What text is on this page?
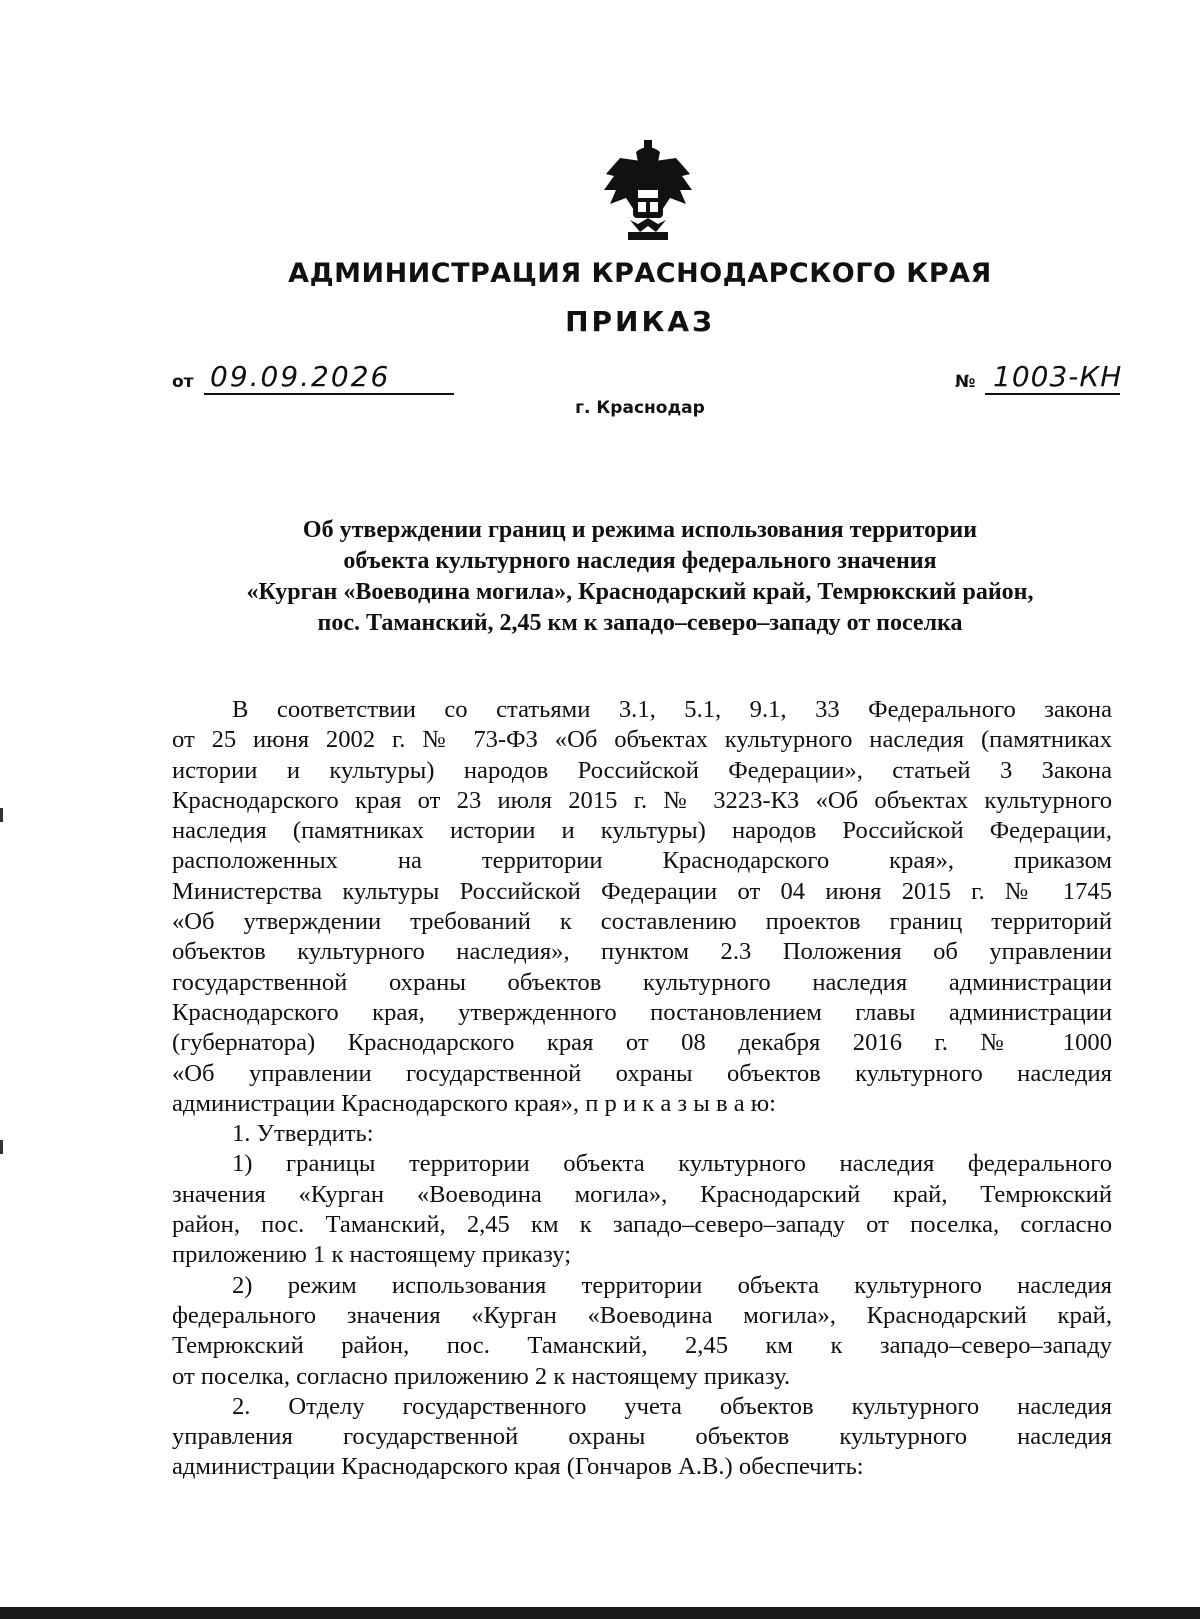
АДМИНИСТРАЦИЯ КРАСНОДАРСКОГО КРАЯ
ПРИКАЗ
от 09.09.2026	№ 1003-КН
г. Краснодар
Об утверждении границ и режима использования территории
объекта культурного наследия федерального значения
«Курган «Воеводина могила», Краснодарский край, Темрюкский район,
пос. Таманский, 2,45 км к западо–северо–западу от поселка

В соответствии со статьями 3.1, 5.1, 9.1, 33 Федерального закона

от 25 июня 2002 г. № 73-ФЗ «Об объектах культурного наследия (памятниках

истории и культуры) народов Российской Федерации», статьей 3 Закона

Краснодарского края от 23 июля 2015 г. № 3223-КЗ «Об объектах культурного

наследия (памятниках истории и культуры) народов Российской Федерации,

расположенных на территории Краснодарского края», приказом

Министерства культуры Российской Федерации от 04 июня 2015 г. № 1745

«Об утверждении требований к составлению проектов границ территорий

объектов культурного наследия», пунктом 2.3 Положения об управлении

государственной охраны объектов культурного наследия администрации

Краснодарского края, утвержденного постановлением главы администрации

(губернатора) Краснодарского края от 08 декабря 2016 г. № 1000

«Об управлении государственной охраны объектов культурного наследия

администрации Краснодарского края», п р и к а з ы в а ю:

1. Утвердить:

1) границы территории объекта культурного наследия федерального

значения «Курган «Воеводина могила», Краснодарский край, Темрюкский

район, пос. Таманский, 2,45 км к западо–северо–западу от поселка, согласно

приложению 1 к настоящему приказу;

2) режим использования территории объекта культурного наследия

федерального значения «Курган «Воеводина могила», Краснодарский край,

Темрюкский район, пос. Таманский, 2,45 км к западо–северо–западу

от поселка, согласно приложению 2 к настоящему приказу.

2. Отделу государственного учета объектов культурного наследия

управления государственной охраны объектов культурного наследия

администрации Краснодарского края (Гончаров А.В.) обеспечить:
